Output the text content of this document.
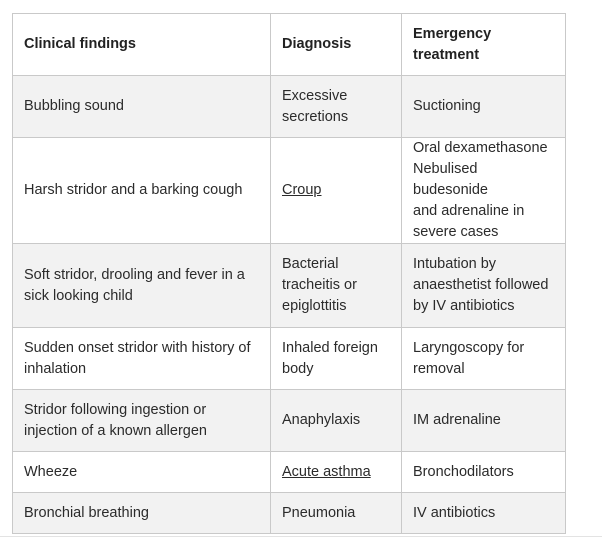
Clinical findings	Diagnosis	Emergency
treatment

Bubbling sound	Excessive
secretions	Suctioning

Harsh stridor and a barking cough	Croup	Oral dexamethasone
Nebulised budesonide
and adrenaline in
severe cases

Soft stridor, drooling and fever in a
sick looking child	Bacterial
tracheitis or
epiglottitis	Intubation by
anaesthetist followed
by IV antibiotics

Sudden onset stridor with history of
inhalation	Inhaled foreign
body	Laryngoscopy for
removal

Stridor following ingestion or
injection of a known allergen	Anaphylaxis	IM adrenaline

Wheeze	Acute asthma	Bronchodilators

Bronchial breathing	Pneumonia	IV antibiotics
